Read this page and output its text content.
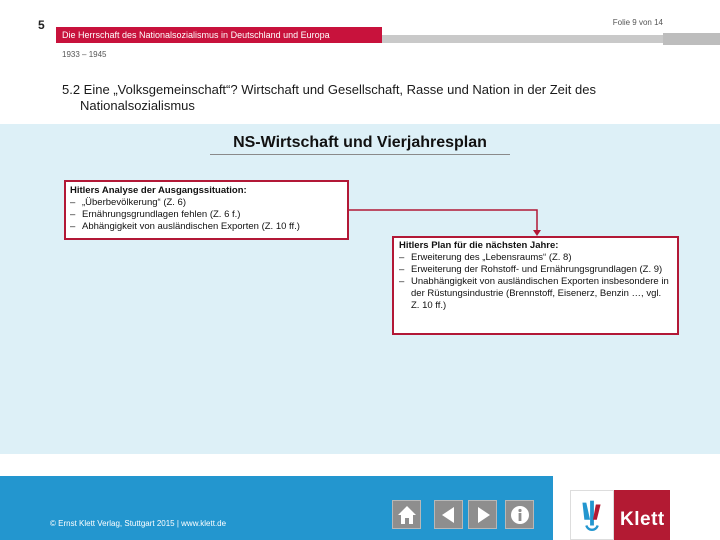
5	Folie 9 von 14
Die Herrschaft des Nationalsozialismus in Deutschland und Europa
1933 – 1945
5.2 Eine „Volksgemeinschaft“? Wirtschaft und Gesellschaft, Rasse und Nation in der Zeit des
Nationalsozialismus
NS-Wirtschaft und Vierjahresplan
Hitlers Analyse der Ausgangssituation:
– „Überbevölkerung“ (Z. 6)
– Ernährungsgrundlagen fehlen (Z. 6 f.)
– Abhängigkeit von ausländischen Exporten (Z. 10 ff.)
Hitlers Plan für die nächsten Jahre:
– Erweiterung des „Lebensraums“ (Z. 8)
– Erweiterung der Rohstoff- und Ernährungsgrundlagen (Z. 9)
– Unabhängigkeit von ausländischen Exporten insbesondere in der Rüstungsindustrie (Brennstoff, Eisenerz, Benzin …, vgl. Z. 10 ff.)
© Ernst Klett Verlag, Stuttgart 2015 | www.klett.de	Klett
